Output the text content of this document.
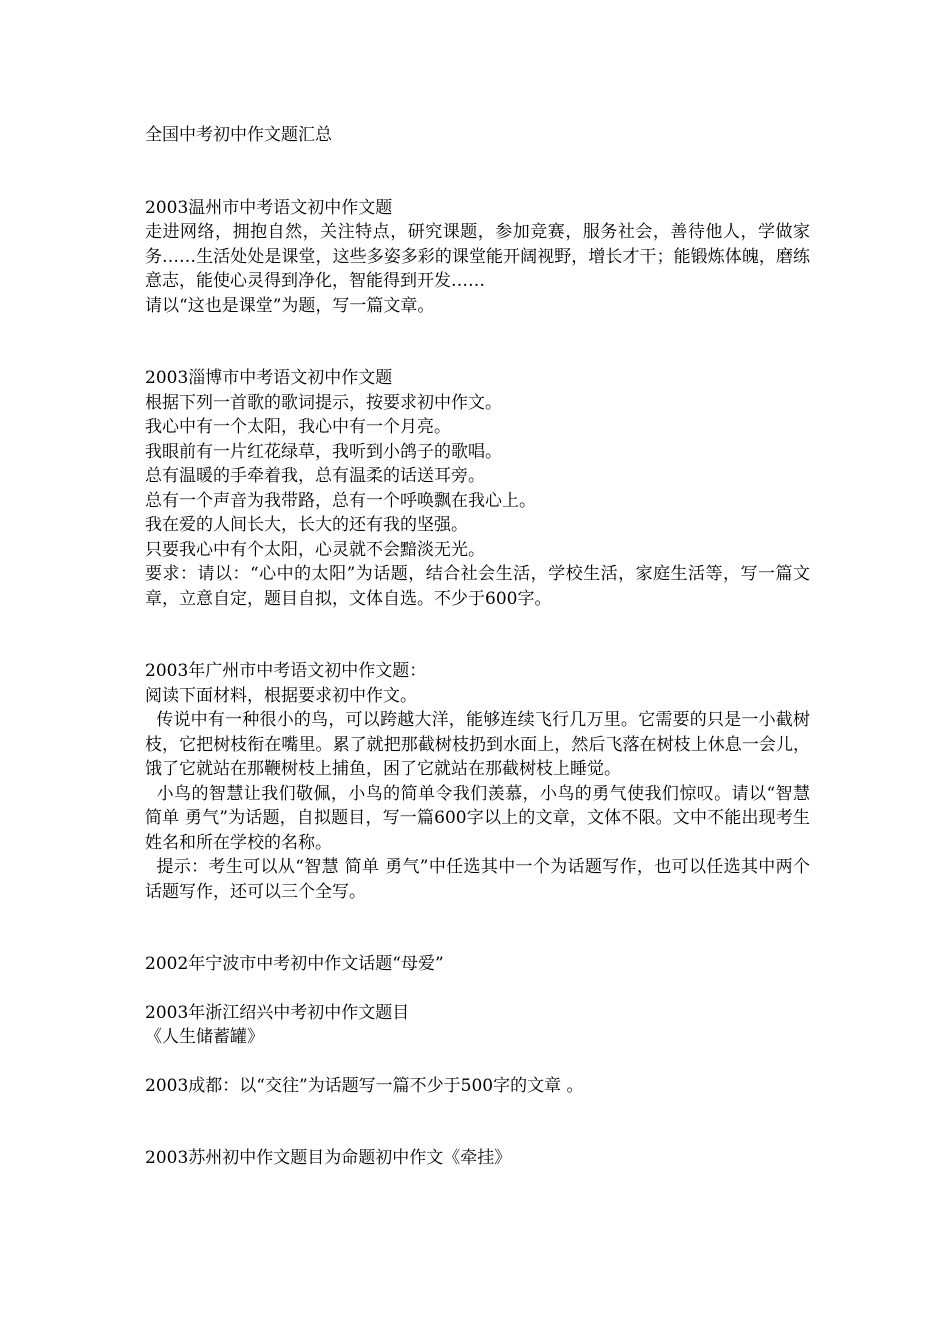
全国中考初中作文题汇总

2003温州市中考语文初中作文题

走进网络，拥抱自然，关注特点，研究课题，参加竞赛，服务社会，善待他人，学做家务……生活处处是课堂，这些多姿多彩的课堂能开阔视野，增长才干；能锻炼体魄，磨练意志，能使心灵得到净化，智能得到开发……

请以“这也是课堂”为题，写一篇文章。

2003淄博市中考语文初中作文题

根据下列一首歌的歌词提示，按要求初中作文。

我心中有一个太阳，我心中有一个月亮。

我眼前有一片红花绿草，我听到小鸽子的歌唱。

总有温暖的手牵着我，总有温柔的话送耳旁。

总有一个声音为我带路，总有一个呼唤飘在我心上。

我在爱的人间长大，长大的还有我的坚强。

只要我心中有个太阳，心灵就不会黯淡无光。

要求：请以：“心中的太阳”为话题，结合社会生活，学校生活，家庭生活等，写一篇文章，立意自定，题目自拟，文体自选。不少于600字。

2003年广州市中考语文初中作文题：

阅读下面材料，根据要求初中作文。

传说中有一种很小的鸟，可以跨越大洋，能够连续飞行几万里。它需要的只是一小截树枝，它把树枝衔在嘴里。累了就把那截树枝扔到水面上，然后飞落在树枝上休息一会儿，饿了它就站在那鞭树枝上捕鱼，困了它就站在那截树枝上睡觉。

小鸟的智慧让我们敬佩，小鸟的简单令我们羡慕，小鸟的勇气使我们惊叹。请以“智慧 简单 勇气”为话题，自拟题目，写一篇600字以上的文章，文体不限。文中不能出现考生姓名和所在学校的名称。

提示：考生可以从“智慧 简单 勇气”中任选其中一个为话题写作，也可以任选其中两个话题写作，还可以三个全写。

2002年宁波市中考初中作文话题“母爱”

2003年浙江绍兴中考初中作文题目

《人生储蓄罐》

2003成都：以“交往”为话题写一篇不少于500字的文章 。

2003苏州初中作文题目为命题初中作文《牵挂》
